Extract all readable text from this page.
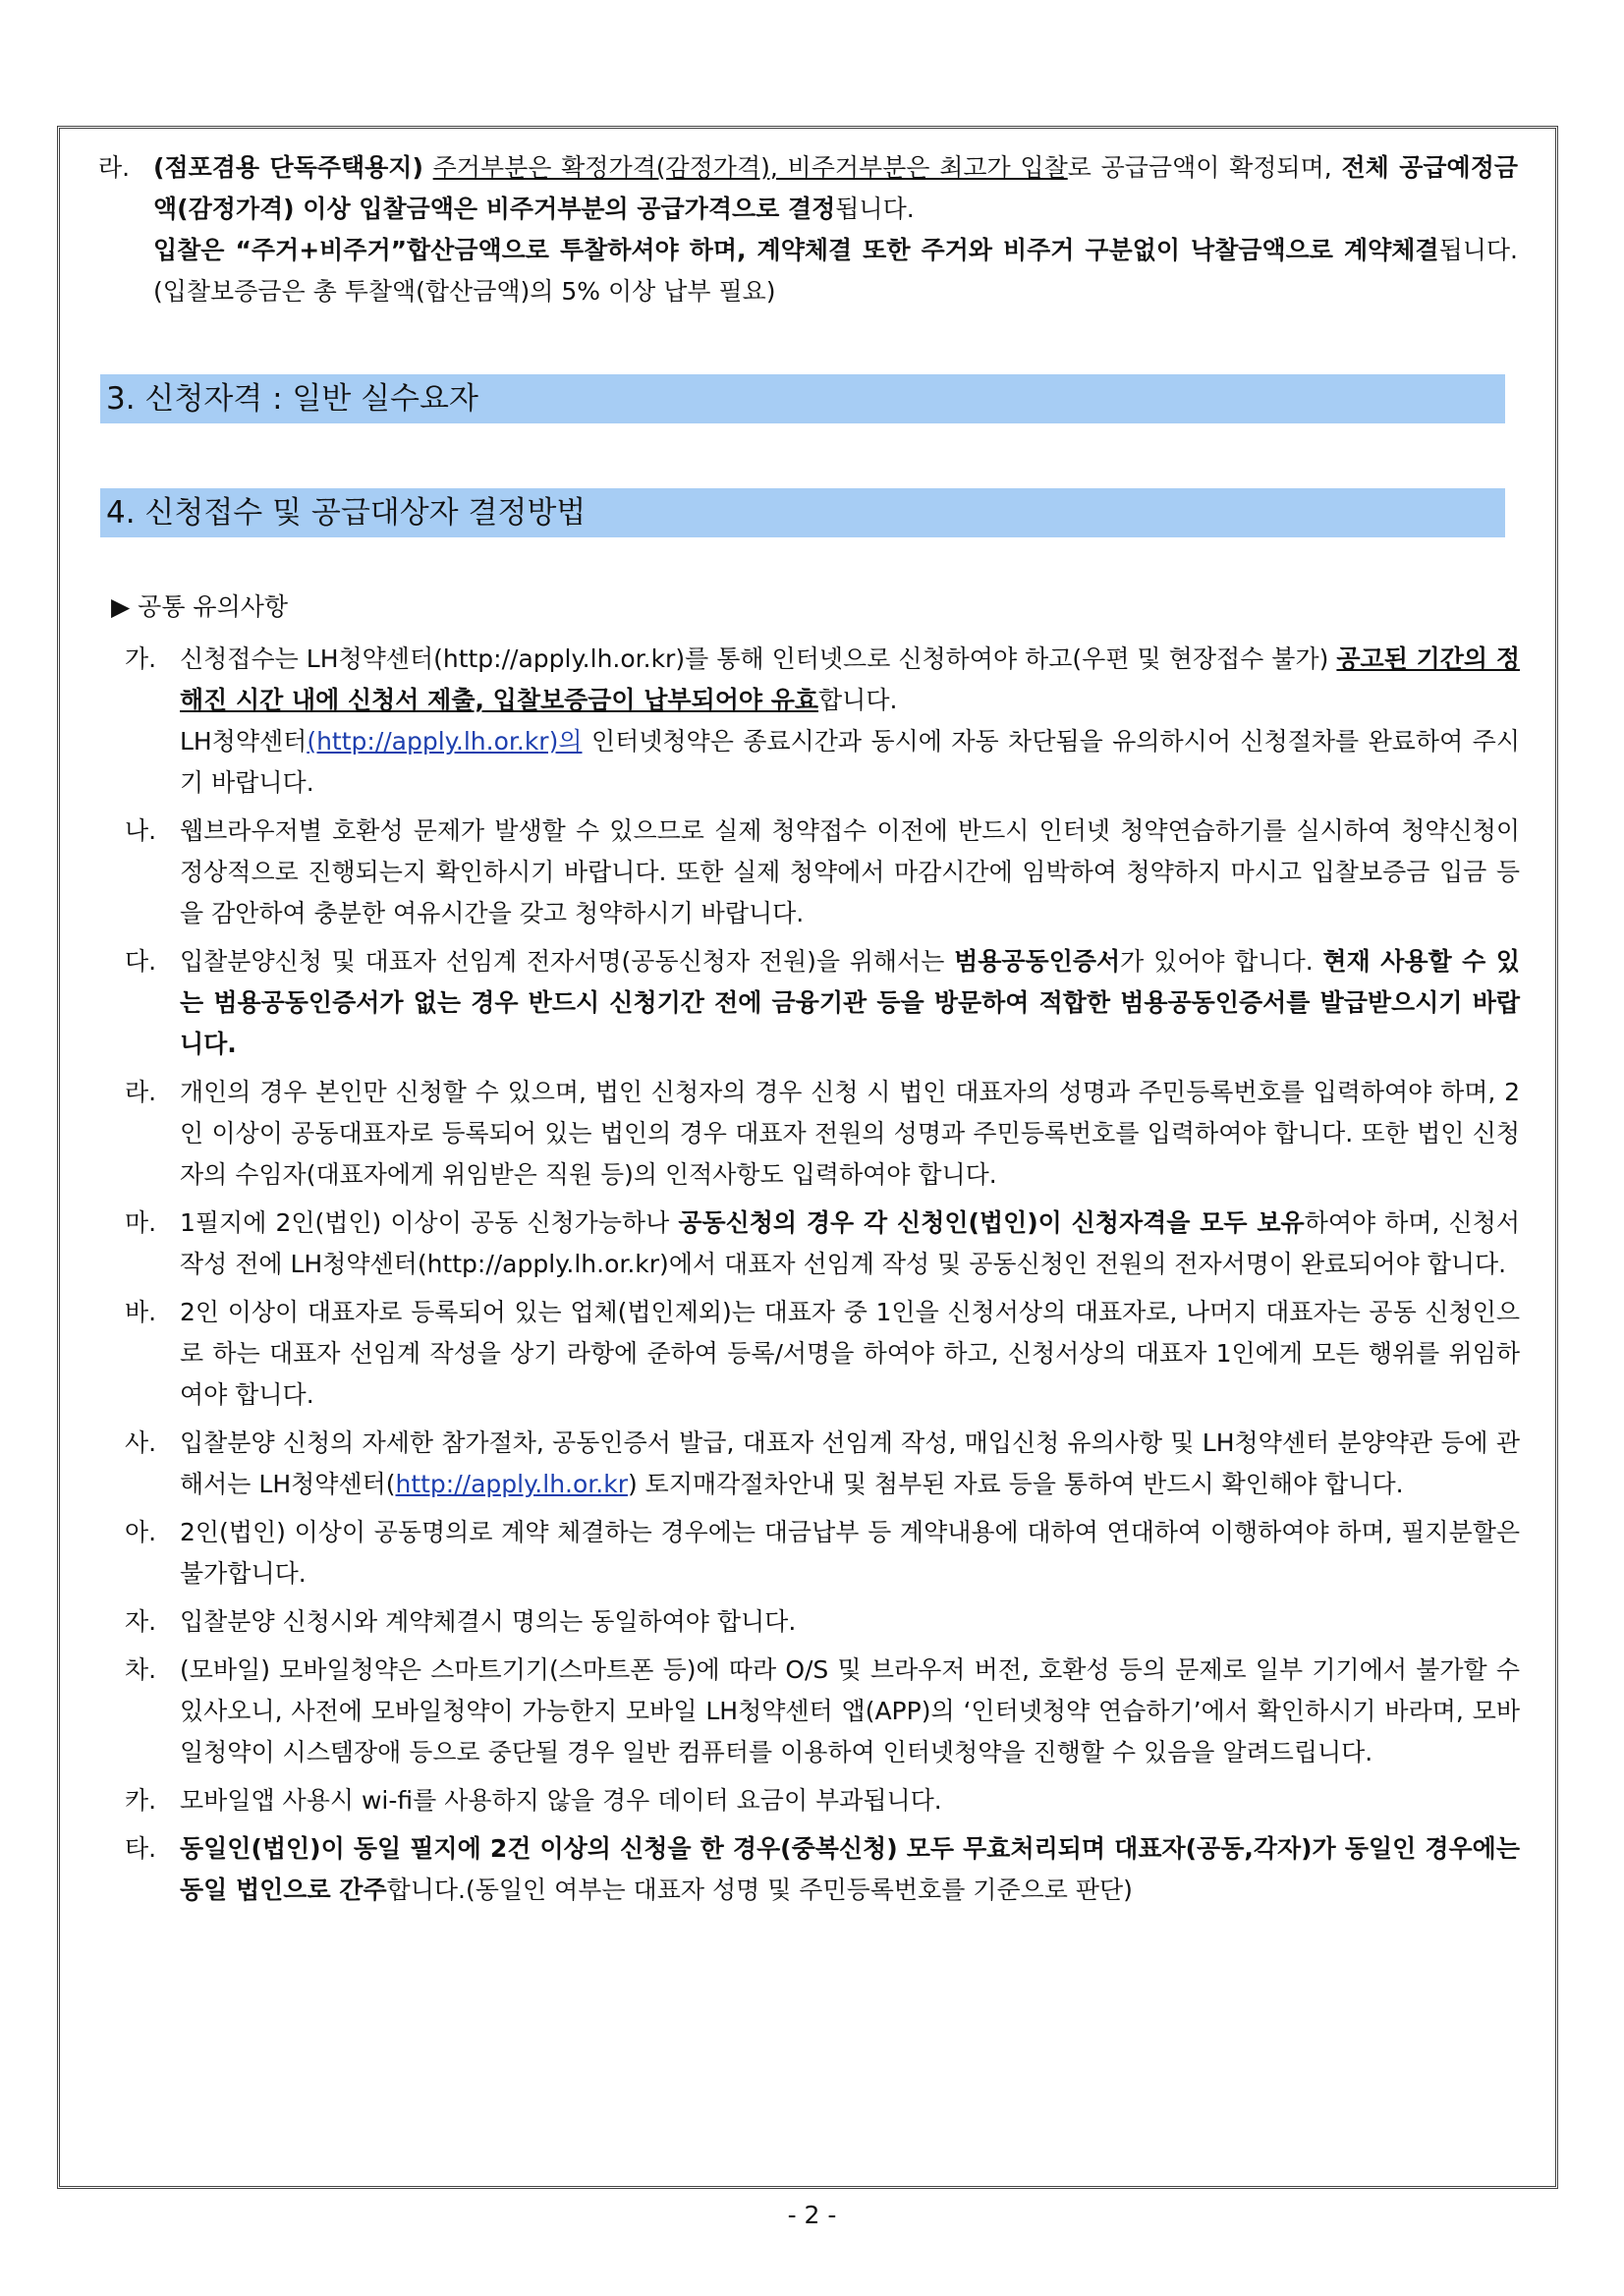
라. (점포겸용 단독주택용지) 주거부분은 확정가격(감정가격), 비주거부분은 최고가 입찰로 공급금액이 확정되며, 전체 공급예정금액(감정가격) 이상 입찰금액은 비주거부분의 공급가격으로 결정됩니다.
입찰은 “주거+비주거”합산금액으로 투찰하셔야 하며, 계약체결 또한 주거와 비주거 구분없이 낙찰금액으로 계약체결됩니다.(입찰보증금은 총 투찰액(합산금액)의 5% 이상 납부 필요)
3. 신청자격 : 일반 실수요자
4. 신청접수 및 공급대상자 결정방법
▶ 공통 유의사항
가. 신청접수는 LH청약센터(http://apply.lh.or.kr)를 통해 인터넷으로 신청하여야 하고(우편 및 현장접수 불가) 공고된 기간의 정해진 시간 내에 신청서 제출, 입찰보증금이 납부되어야 유효합니다.
LH청약센터(http://apply.lh.or.kr)의 인터넷청약은 종료시간과 동시에 자동 차단됨을 유의하시어 신청절차를 완료하여 주시기 바랍니다.
나. 웹브라우저별 호환성 문제가 발생할 수 있으므로 실제 청약접수 이전에 반드시 인터넷 청약연습하기를 실시하여 청약신청이 정상적으로 진행되는지 확인하시기 바랍니다. 또한 실제 청약에서 마감시간에 임박하여 청약하지 마시고 입찰보증금 입금 등을 감안하여 충분한 여유시간을 갖고 청약하시기 바랍니다.
다. 입찰분양신청 및 대표자 선임계 전자서명(공동신청자 전원)을 위해서는 범용공동인증서가 있어야 합니다. 현재 사용할 수 있는 범용공동인증서가 없는 경우 반드시 신청기간 전에 금융기관 등을 방문하여 적합한 범용공동인증서를 발급받으시기 바랍니다.
라. 개인의 경우 본인만 신청할 수 있으며, 법인 신청자의 경우 신청 시 법인 대표자의 성명과 주민등록번호를 입력하여야 하며, 2인 이상이 공동대표자로 등록되어 있는 법인의 경우 대표자 전원의 성명과 주민등록번호를 입력하여야 합니다. 또한 법인 신청자의 수임자(대표자에게 위임받은 직원 등)의 인적사항도 입력하여야 합니다.
마. 1필지에 2인(법인) 이상이 공동 신청가능하나 공동신청의 경우 각 신청인(법인)이 신청자격을 모두 보유하여야 하며, 신청서 작성 전에 LH청약센터(http://apply.lh.or.kr)에서 대표자 선임계 작성 및 공동신청인 전원의 전자서명이 완료되어야 합니다.
바. 2인 이상이 대표자로 등록되어 있는 업체(법인제외)는 대표자 중 1인을 신청서상의 대표자로, 나머지 대표자는 공동 신청인으로 하는 대표자 선임계 작성을 상기 라항에 준하여 등록/서명을 하여야 하고, 신청서상의 대표자 1인에게 모든 행위를 위임하여야 합니다.
사. 입찰분양 신청의 자세한 참가절차, 공동인증서 발급, 대표자 선임계 작성, 매입신청 유의사항 및 LH청약센터 분양약관 등에 관해서는 LH청약센터(http://apply.lh.or.kr) 토지매각절차안내 및 첨부된 자료 등을 통하여 반드시 확인해야 합니다.
아. 2인(법인) 이상이 공동명의로 계약 체결하는 경우에는 대금납부 등 계약내용에 대하여 연대하여 이행하여야 하며, 필지분할은 불가합니다.
자. 입찰분양 신청시와 계약체결시 명의는 동일하여야 합니다.
차. (모바일) 모바일청약은 스마트기기(스마트폰 등)에 따라 O/S 및 브라우저 버전, 호환성 등의 문제로 일부 기기에서 불가할 수 있사오니, 사전에 모바일청약이 가능한지 모바일 LH청약센터 앱(APP)의 ‘인터넷청약 연습하기’에서 확인하시기 바라며, 모바일청약이 시스템장애 등으로 중단될 경우 일반 컴퓨터를 이용하여 인터넷청약을 진행할 수 있음을 알려드립니다.
카. 모바일앱 사용시 wi-fi를 사용하지 않을 경우 데이터 요금이 부과됩니다.
타. 동일인(법인)이 동일 필지에 2건 이상의 신청을 한 경우(중복신청) 모두 무효처리되며 대표자(공동,각자)가 동일인 경우에는 동일 법인으로 간주합니다.(동일인 여부는 대표자 성명 및 주민등록번호를 기준으로 판단)
- 2 -
